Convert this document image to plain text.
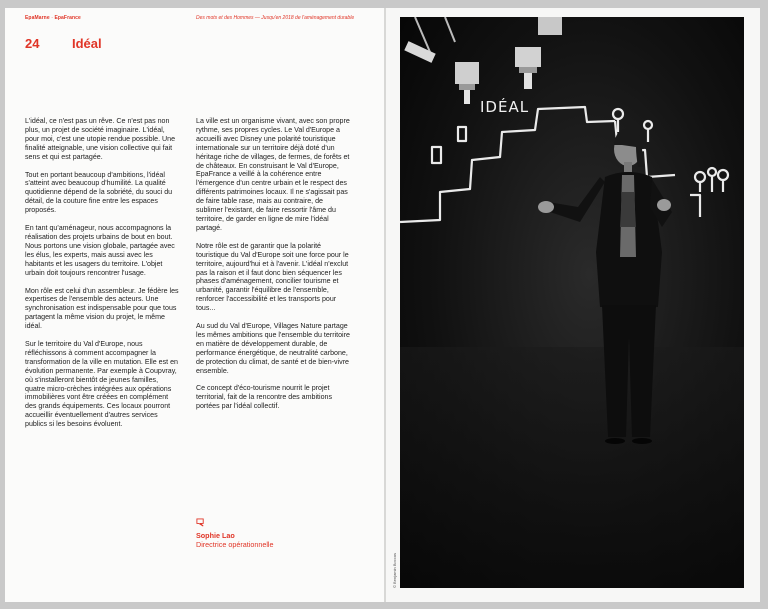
EpaMarne · EpaFrance	Des mots et des Hommes — Jusqu'en 2018 de l'aménagement durable
24	Idéal

L'idéal, ce n'est pas un rêve. Ce n'est pas non plus, un projet de société imaginaire. L'idéal, pour moi, c'est une utopie rendue possible. Une finalité atteignable, une vision collective qui fait sens et qui est partagée.

Tout en portant beaucoup d'ambitions, l'idéal s'atteint avec beaucoup d'humilité. La qualité quotidienne dépend de la sobriété, du souci du détail, de la couture fine entre les espaces proposés.

En tant qu'aménageur, nous accompagnons la réalisation des projets urbains de bout en bout. Nous portons une vision globale, partagée avec les élus, les experts, mais aussi avec les habitants et les usagers du territoire. L'objet urbain doit toujours rencontrer l'usage.

Mon rôle est celui d'un assembleur. Je fédère les expertises de l'ensemble des acteurs. Une synchronisation est indispensable pour que tous partagent la même vision du projet, le même idéal.

Sur le territoire du Val d'Europe, nous réfléchissons à comment accompagner la transformation de la ville en mutation. Elle est en évolution permanente. Par exemple à Coupvray, où s'installeront bientôt de jeunes familles, quatre micro-crèches intégrées aux opérations immobilières vont être créées en complément des grands équipements. Ces locaux pourront accueillir éventuellement d'autres services publics si les besoins évoluent.

La ville est un organisme vivant, avec son propre rythme, ses propres cycles. Le Val d'Europe a accueilli avec Disney une polarité touristique internationale sur un territoire déjà doté d'un héritage riche de villages, de fermes, de forêts et de châteaux. En construisant le Val d'Europe, EpaFrance a veillé à la cohérence entre l'émergence d'un centre urbain et le respect des différents patrimoines locaux. Il ne s'agissait pas de faire table rase, mais au contraire, de sublimer l'existant, de faire ressortir l'âme du territoire, de garder en ligne de mire l'idéal partagé.

Notre rôle est de garantir que la polarité touristique du Val d'Europe soit une force pour le territoire, aujourd'hui et à l'avenir. L'idéal n'exclut pas la raison et il faut donc bien séquencer les phases d'aménagement, concilier tourisme et urbanité, garantir l'équilibre de l'ensemble, renforcer l'accessibilité et les transports pour tous...

Au sud du Val d'Europe, Villages Nature partage les mêmes ambitions que l'ensemble du territoire en matière de développement durable, de performance énergétique, de neutralité carbone, de protection du climat, de santé et de bien-vivre ensemble.

Ce concept d'éco-tourisme nourrit le projet territorial, fait de la rencontre des ambitions portées par l'idéal collectif.

Sophie Lao
Directrice opérationnelle
IDÉAL
© Benjamin Boccas
